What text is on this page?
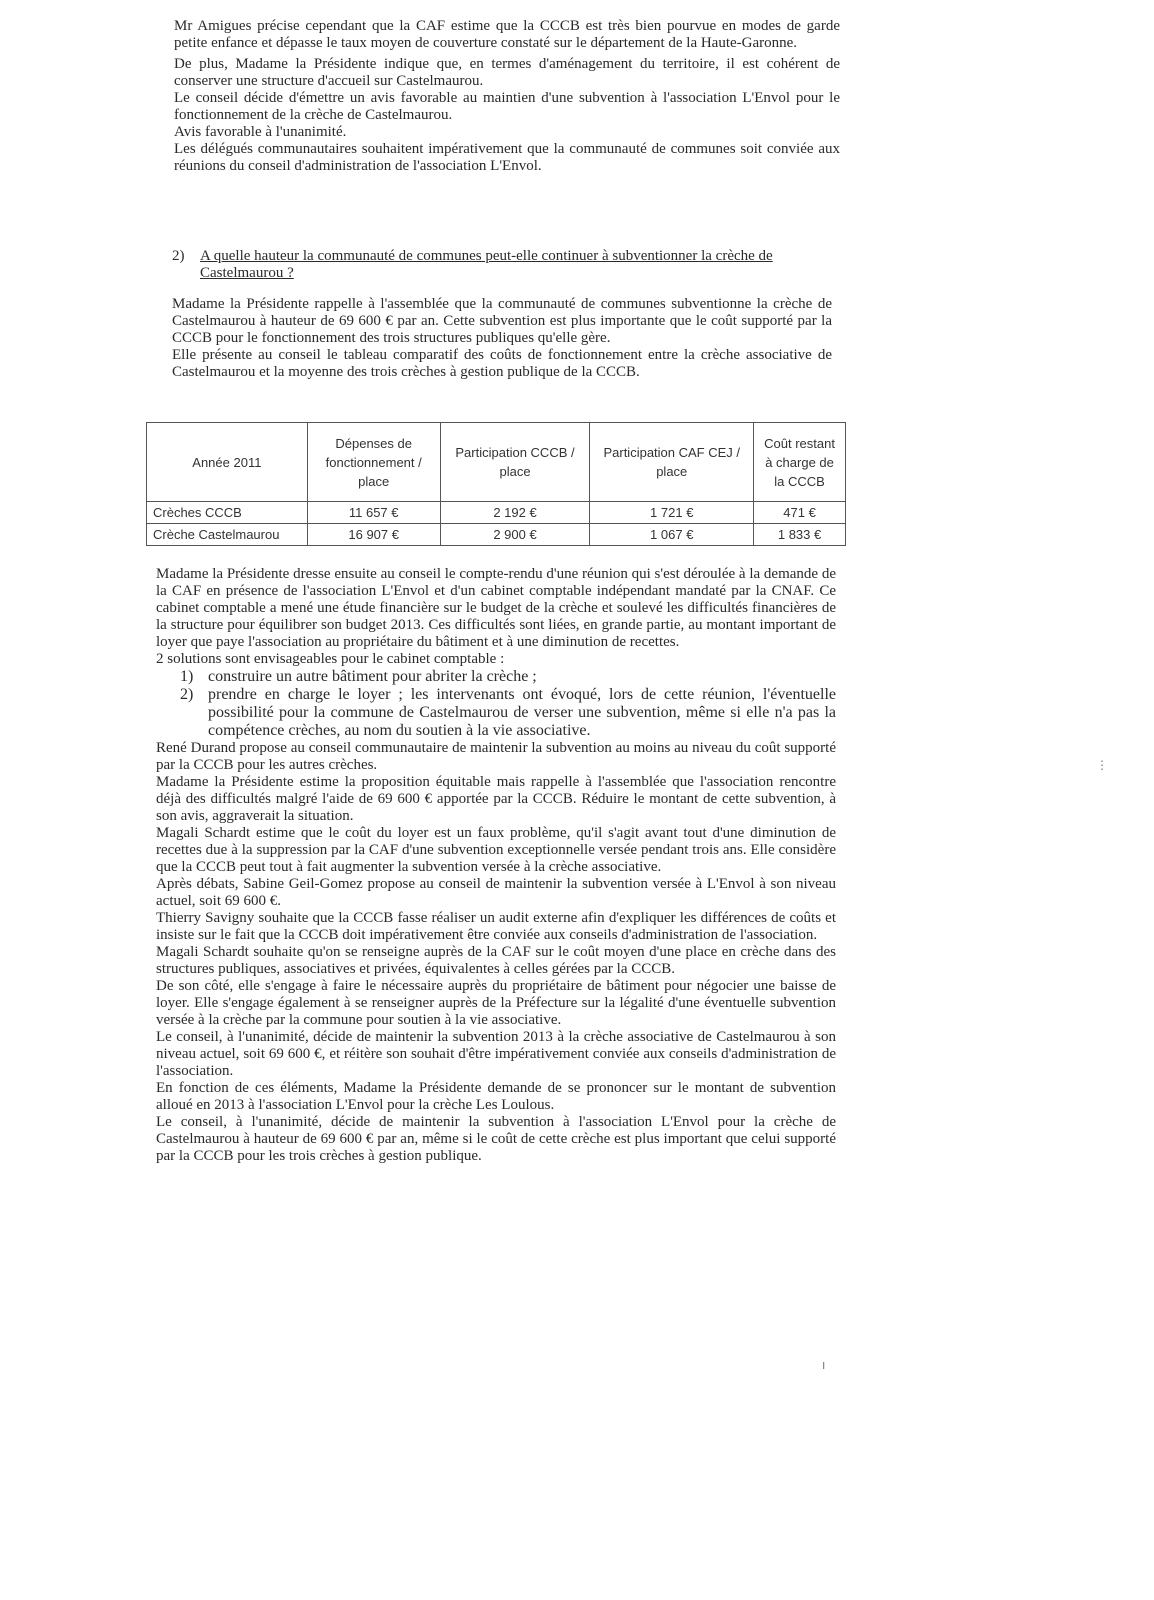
Mr Amigues précise cependant que la CAF estime que la CCCB est très bien pourvue en modes de garde petite enfance et dépasse le taux moyen de couverture constaté sur le département de la Haute-Garonne.

De plus, Madame la Présidente indique que, en termes d'aménagement du territoire, il est cohérent de conserver une structure d'accueil sur Castelmaurou.

Le conseil décide d'émettre un avis favorable au maintien d'une subvention à l'association L'Envol pour le fonctionnement de la crèche de Castelmaurou.

Avis favorable à l'unanimité.

Les délégués communautaires souhaitent impérativement que la communauté de communes soit conviée aux réunions du conseil d'administration de l'association L'Envol.

2)	A quelle hauteur la communauté de communes peut-elle continuer à subventionner la crèche de Castelmaurou ?

Madame la Présidente rappelle à l'assemblée que la communauté de communes subventionne la crèche de Castelmaurou à hauteur de 69 600 € par an. Cette subvention est plus importante que le coût supporté par la CCCB pour le fonctionnement des trois structures publiques qu'elle gère.

Elle présente au conseil le tableau comparatif des coûts de fonctionnement entre la crèche associative de Castelmaurou et la moyenne des trois crèches à gestion publique de la CCCB.

Année 2011	Dépenses de fonctionnement / place	Participation CCCB / place	Participation CAF CEJ / place	Coût restant à charge de la CCCB
Crèches CCCB	11 657 €	2 192 €	1 721 €	471 €
Crèche Castelmaurou	16 907 €	2 900 €	1 067 €	1 833 €

Madame la Présidente dresse ensuite au conseil le compte-rendu d'une réunion qui s'est déroulée à la demande de la CAF en présence de l'association L'Envol et d'un cabinet comptable indépendant mandaté par la CNAF. Ce cabinet comptable a mené une étude financière sur le budget de la crèche et soulevé les difficultés financières de la structure pour équilibrer son budget 2013. Ces difficultés sont liées, en grande partie, au montant important de loyer que paye l'association au propriétaire du bâtiment et à une diminution de recettes.

2 solutions sont envisageables pour le cabinet comptable :

1) construire un autre bâtiment pour abriter la crèche ;
2) prendre en charge le loyer ; les intervenants ont évoqué, lors de cette réunion, l'éventuelle possibilité pour la commune de Castelmaurou de verser une subvention, même si elle n'a pas la compétence crèches, au nom du soutien à la vie associative.

René Durand propose au conseil communautaire de maintenir la subvention au moins au niveau du coût supporté par la CCCB pour les autres crèches.

Madame la Présidente estime la proposition équitable mais rappelle à l'assemblée que l'association rencontre déjà des difficultés malgré l'aide de 69 600 € apportée par la CCCB. Réduire le montant de cette subvention, à son avis, aggraverait la situation.

Magali Schardt estime que le coût du loyer est un faux problème, qu'il s'agit avant tout d'une diminution de recettes due à la suppression par la CAF d'une subvention exceptionnelle versée pendant trois ans. Elle considère que la CCCB peut tout à fait augmenter la subvention versée à la crèche associative.

Après débats, Sabine Geil-Gomez propose au conseil de maintenir la subvention versée à L'Envol à son niveau actuel, soit 69 600 €.

Thierry Savigny souhaite que la CCCB fasse réaliser un audit externe afin d'expliquer les différences de coûts et insiste sur le fait que la CCCB doit impérativement être conviée aux conseils d'administration de l'association.

Magali Schardt souhaite qu'on se renseigne auprès de la CAF sur le coût moyen d'une place en crèche dans des structures publiques, associatives et privées, équivalentes à celles gérées par la CCCB.

De son côté, elle s'engage à faire le nécessaire auprès du propriétaire de bâtiment pour négocier une baisse de loyer. Elle s'engage également à se renseigner auprès de la Préfecture sur la légalité d'une éventuelle subvention versée à la crèche par la commune pour soutien à la vie associative.

Le conseil, à l'unanimité, décide de maintenir la subvention 2013 à la crèche associative de Castelmaurou à son niveau actuel, soit 69 600 €, et réitère son souhait d'être impérativement conviée aux conseils d'administration de l'association.

En fonction de ces éléments, Madame la Présidente demande de se prononcer sur le montant de subvention alloué en 2013 à l'association L'Envol pour la crèche Les Loulous.

Le conseil, à l'unanimité, décide de maintenir la subvention à l'association L'Envol pour la crèche de Castelmaurou à hauteur de 69 600 € par an, même si le coût de cette crèche est plus important que celui supporté par la CCCB pour les trois crèches à gestion publique.

⋮
ı
